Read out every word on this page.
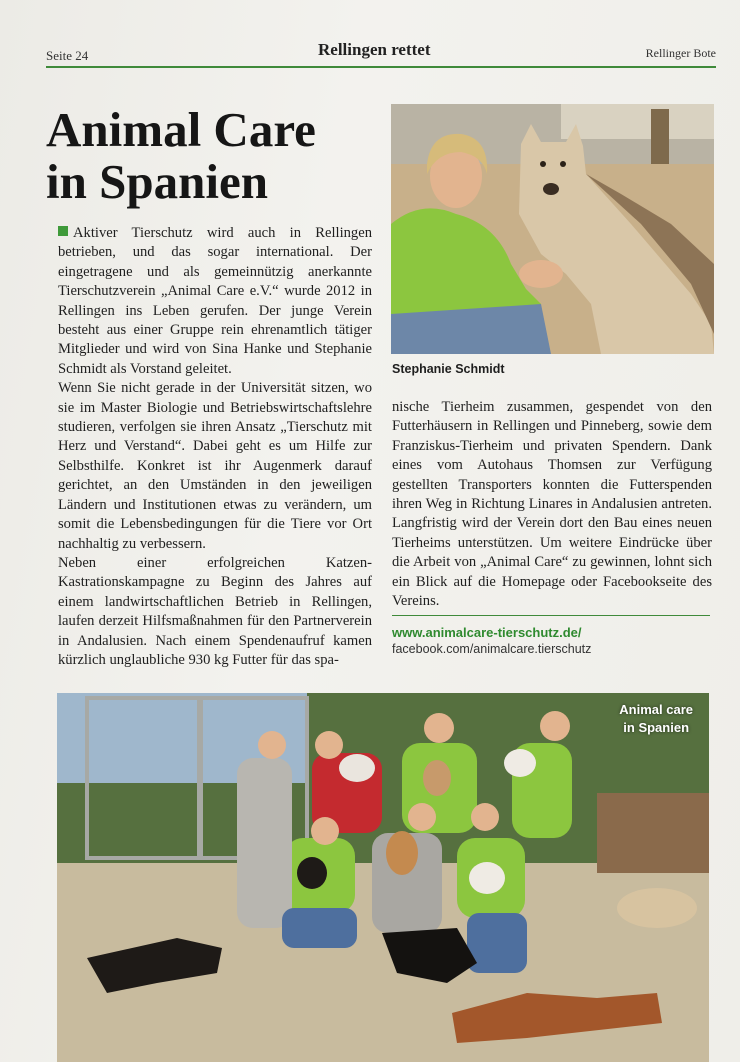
Seite 24	Rellingen rettet	Rellinger Bote
Animal Care
in Spanien

Aktiver Tierschutz wird auch in Rellingen betrieben, und das sogar international. Der eingetragene und als gemeinnützig anerkannte Tierschutzverein „Animal Care e.V.“ wurde 2012 in Rellingen ins Leben gerufen. Der junge Verein besteht aus einer Gruppe rein ehrenamtlich tätiger Mitglieder und wird von Sina Hanke und Stephanie Schmidt als Vorstand geleitet.

Wenn Sie nicht gerade in der Universität sitzen, wo sie im Master Biologie und Betriebswirtschaftslehre studieren, verfolgen sie ihren Ansatz „Tierschutz mit Herz und Verstand“. Dabei geht es um Hilfe zur Selbsthilfe. Konkret ist ihr Augenmerk darauf gerichtet, an den Umständen in den jeweiligen Ländern und Institutionen etwas zu verändern, um somit die Lebensbedingungen für die Tiere vor Ort nachhaltig zu verbessern.

Neben einer erfolgreichen Katzen-Kastrationskampagne zu Beginn des Jahres auf einem landwirtschaftlichen Betrieb in Rellingen, laufen derzeit Hilfsmaßnahmen für den Partnerverein in Andalusien. Nach einem Spendenaufruf kamen kürzlich unglaubliche 930 kg Futter für das spa-

Stephanie Schmidt

nische Tierheim zusammen, gespendet von den Futterhäusern in Rellingen und Pinneberg, sowie dem Franziskus-Tierheim und privaten Spendern. Dank eines vom Autohaus Thomsen zur Verfügung gestellten Transporters konnten die Futterspenden ihren Weg in Richtung Linares in Andalusien antreten. Langfristig wird der Verein dort den Bau eines neuen Tierheims unterstützen. Um weitere Eindrücke über die Arbeit von „Animal Care“ zu gewinnen, lohnt sich ein Blick auf die Homepage oder Facebookseite des Vereins.

www.animalcare-tierschutz.de/
facebook.com/animalcare.tierschutz
Animal care
in Spanien
